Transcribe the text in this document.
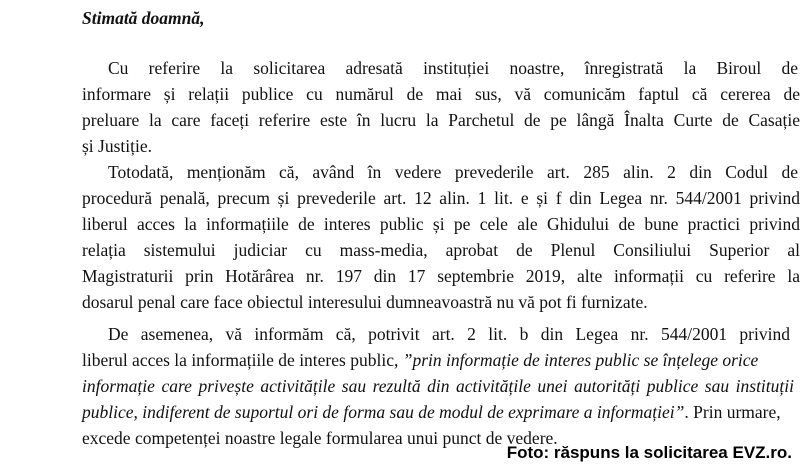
Stimată doamnă,
Cu referire la solicitarea adresată instituției noastre, înregistrată la Biroul de
informare și relații publice cu numărul de mai sus, vă comunicăm faptul că cererea de
preluare la care faceți referire este în lucru la Parchetul de pe lângă Înalta Curte de Casație
și Justiție.
Totodată, menționăm că, având în vedere prevederile art. 285 alin. 2 din Codul de
procedură penală, precum și prevederile art. 12 alin. 1 lit. e și f din Legea nr. 544/2001 privind
liberul acces la informațiile de interes public și pe cele ale Ghidului de bune practici privind
relația sistemului judiciar cu mass-media, aprobat de Plenul Consiliului Superior al
Magistraturii prin Hotărârea nr. 197 din 17 septembrie 2019, alte informații cu referire la
dosarul penal care face obiectul interesului dumneavoastră nu vă pot fi furnizate.
De asemenea, vă informăm că, potrivit art. 2 lit. b din Legea nr. 544/2001 privind
liberul acces la informațiile de interes public, ”prin informație de interes public se înțelege orice
informație care privește activitățile sau rezultă din activitățile unei autorități publice sau instituții
publice, indiferent de suportul ori de forma sau de modul de exprimare a informației”. Prin urmare,
excede competenței noastre legale formularea unui punct de vedere.
Foto: răspuns la solicitarea EVZ.ro.
